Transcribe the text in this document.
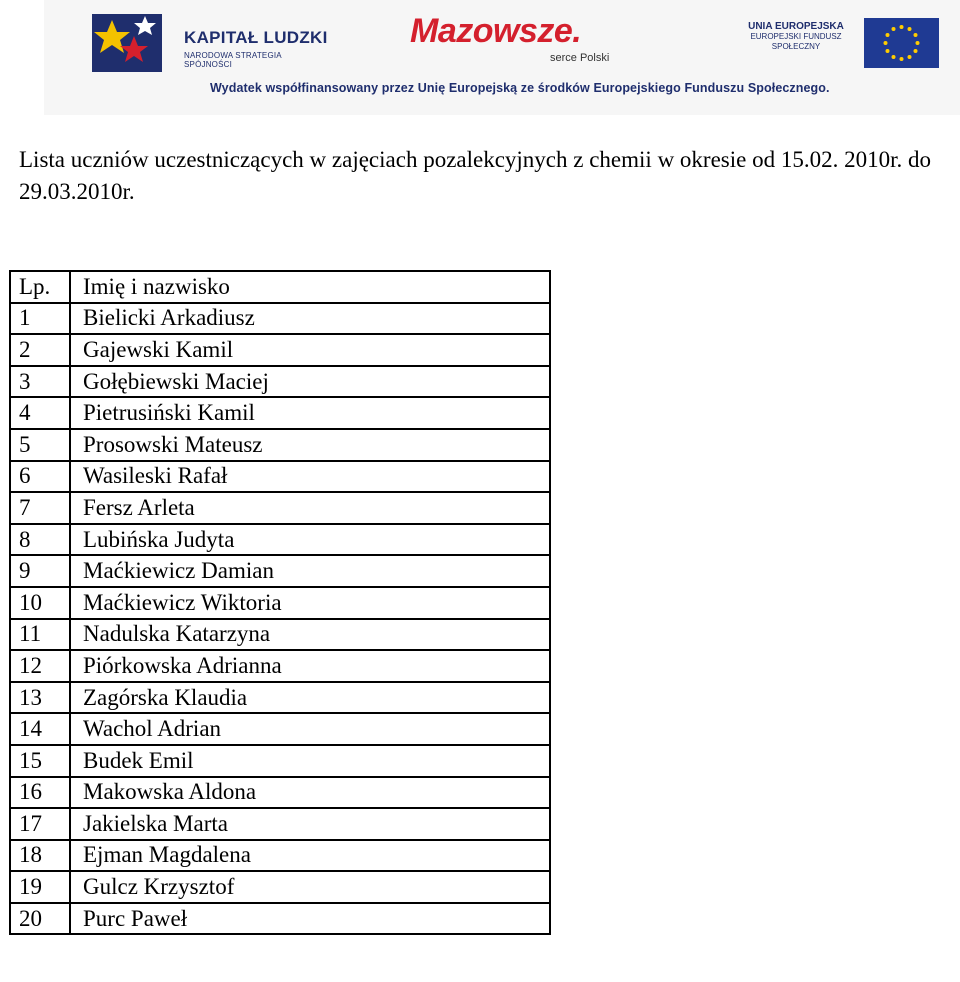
KAPITAŁ LUDZKI
NARODOWA STRATEGIA SPÓJNOŚCI
Mazowsze.
serce Polski
UNIA EUROPEJSKA
EUROPEJSKI FUNDUSZ SPOŁECZNY
Wydatek współfinansowany przez Unię Europejską ze środków Europejskiego Funduszu Społecznego.
Lista uczniów uczestniczących w zajęciach pozalekcyjnych z chemii w okresie od 15.02. 2010r. do 29.03.2010r.
Lp.	Imię i nazwisko
1	Bielicki Arkadiusz
2	Gajewski Kamil
3	Gołębiewski Maciej
4	Pietrusiński Kamil
5	Prosowski Mateusz
6	Wasileski Rafał
7	Fersz Arleta
8	Lubińska Judyta
9	Maćkiewicz Damian
10	Maćkiewicz Wiktoria
11	Nadulska Katarzyna
12	Piórkowska Adrianna
13	Zagórska Klaudia
14	Wachol Adrian
15	Budek Emil
16	Makowska Aldona
17	Jakielska Marta
18	Ejman Magdalena
19	Gulcz Krzysztof
20	Purc Paweł
